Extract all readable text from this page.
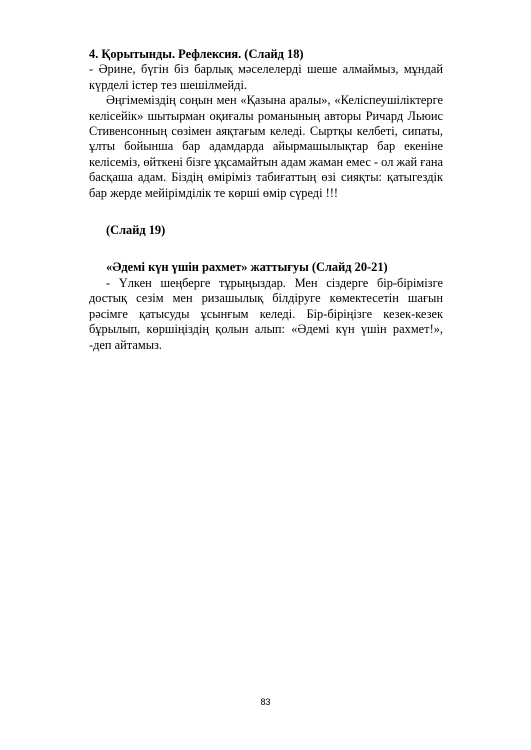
4. Қорытынды. Рефлексия. (Слайд 18)

- Әрине, бүгін біз барлық мәселелерді шеше алмаймыз, мұндай күрделі істер тез шешілмейді.

Әңгімеміздің соңын мен «Қазына аралы», «Келіспеушіліктерге келісейік» шытырман оқиғалы романының авторы Ричард Льюис Стивенсонның сөзімен аяқтағым келеді. Сыртқы келбеті, сипаты, ұлты бойынша бар адамдарда айырмашылықтар бар екеніне келісеміз, өйткені бізге ұқсамайтын адам жаман емес - ол жай ғана басқаша адам. Біздің өміріміз табиғаттың өзі сияқты: қатыгездік бар жерде мейірімділік те көрші өмір сүреді !!!

(Слайд 19)

«Әдемі күн үшін рахмет» жаттығуы (Слайд 20-21)

- Үлкен шеңберге тұрыңыздар. Мен сіздерге бір-бірімізге достық сезім мен ризашылық білдіруге көмектесетін шағын рәсімге қатысуды ұсынғым келеді. Бір-біріңізге кезек-кезек бұрылып, көршіңіздің қолын алып: «Әдемі күн үшін рахмет!», -деп айтамыз.

83
